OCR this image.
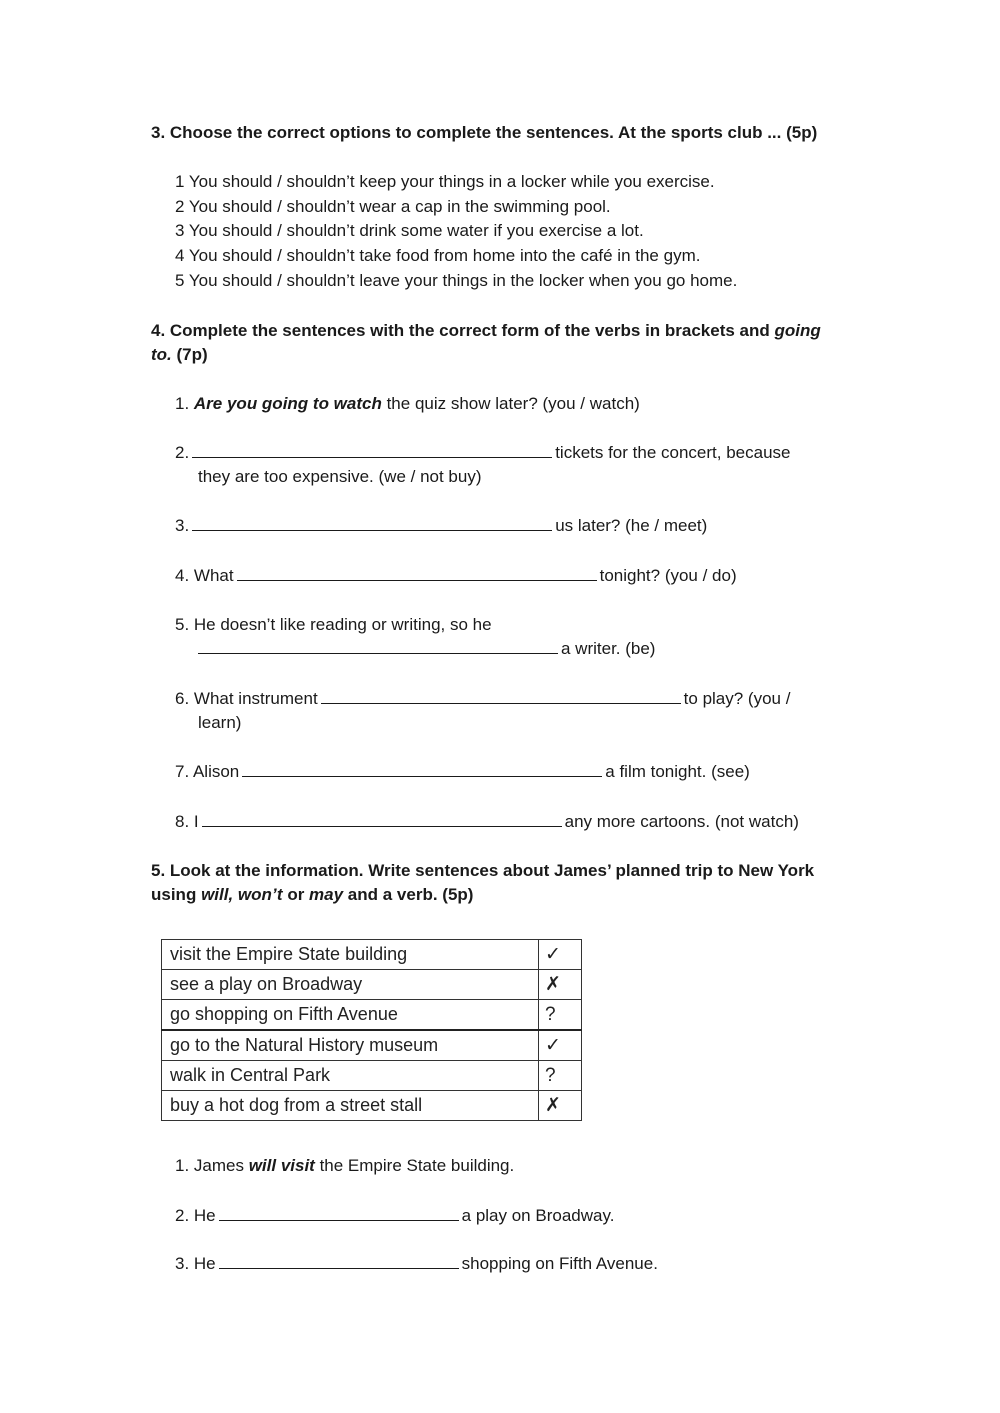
3. Choose the correct options to complete the sentences. At the sports club ... (5p)
1 You should / shouldn’t keep your things in a locker while you exercise.
2 You should / shouldn’t wear a cap in the swimming pool.
3 You should / shouldn’t drink some water if you exercise a lot.
4 You should / shouldn’t take food from home into the café in the gym.
5 You should / shouldn’t leave your things in the locker when you go home.
4. Complete the sentences with the correct form of the verbs in brackets and going
to. (7p)
1. Are you going to watch the quiz show later? (you / watch)
2.	tickets for the concert, because
they are too expensive. (we / not buy)
3.	us later? (he / meet)
4. What	tonight? (you / do)
5. He doesn’t like reading or writing, so he
a writer. (be)
6. What instrument	to play? (you /
learn)
7. Alison	a film tonight. (see)
8. I	any more cartoons. (not watch)
5. Look at the information. Write sentences about James’ planned trip to New York
using will, won’t or may and a verb. (5p)
visit the Empire State building	✓
see a play on Broadway	✗
go shopping on Fifth Avenue	?
go to the Natural History museum	✓
walk in Central Park	?
buy a hot dog from a street stall	✗
1. James will visit the Empire State building.
2. He	a play on Broadway.
3. He	shopping on Fifth Avenue.
